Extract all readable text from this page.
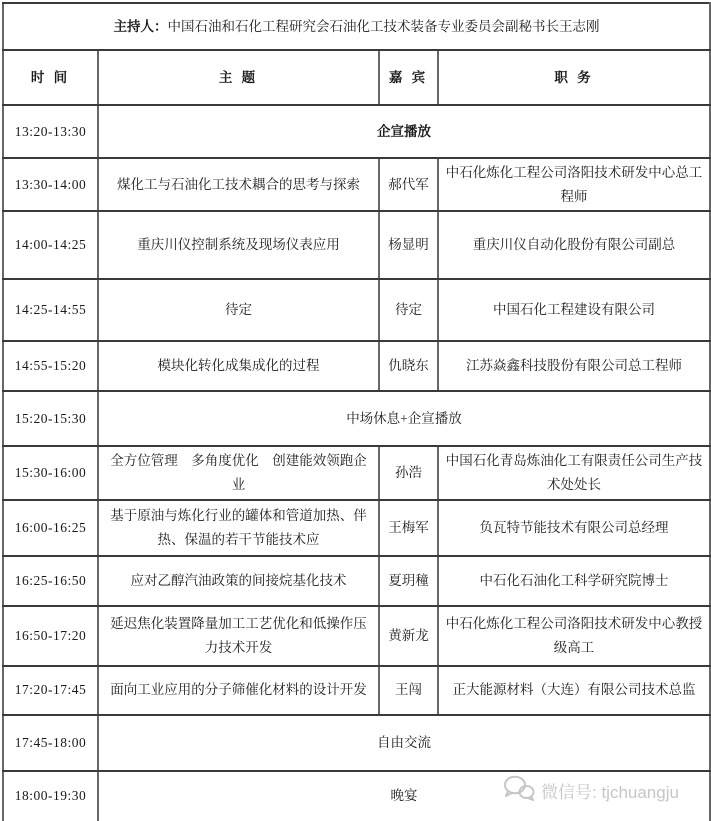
主持人：中国石油和石化工程研究会石油化工技术装备专业委员会副秘书长王志刚			
时 间	主 题	嘉 宾	职 务
13:20-13:30	企宣播放		
13:30-14:00	煤化工与石油化工技术耦合的思考与探索	郝代军	中石化炼化工程公司洛阳技术研发中心总工程师
14:00-14:25	重庆川仪控制系统及现场仪表应用	杨显明	重庆川仪自动化股份有限公司副总
14:25-14:55	待定	待定	中国石化工程建设有限公司
14:55-15:20	模块化转化成集成化的过程	仇晓东	江苏焱鑫科技股份有限公司总工程师
15:20-15:30	中场休息+企宣播放		
15:30-16:00	全方位管理　多角度优化　创建能效领跑企业	孙浩	中国石化青岛炼油化工有限责任公司生产技术处处长
16:00-16:25	基于原油与炼化行业的罐体和管道加热、伴热、保温的若干节能技术应	王梅军	负瓦特节能技术有限公司总经理
16:25-16:50	应对乙醇汽油政策的间接烷基化技术	夏玥穜	中石化石油化工科学研究院博士
16:50-17:20	延迟焦化装置降量加工工艺优化和低操作压力技术开发	黄新龙	中石化炼化工程公司洛阳技术研发中心教授级高工
17:20-17:45	面向工业应用的分子筛催化材料的设计开发	王闯	正大能源材料（大连）有限公司技术总监
17:45-18:00	自由交流		
18:00-19:30	晚宴			微信号: tjchuangju
